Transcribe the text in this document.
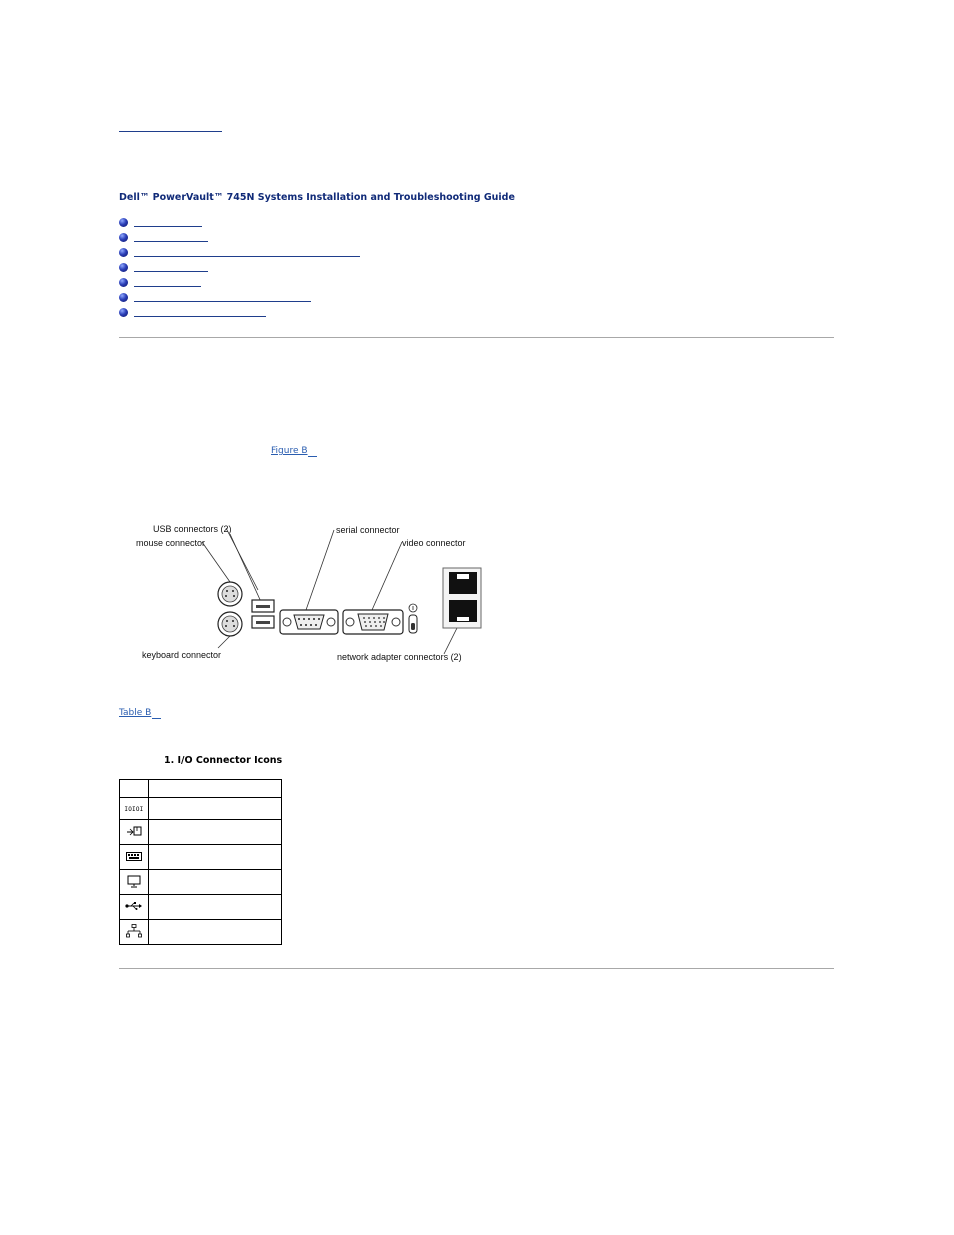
Dell™ PowerVault™ 745N Systems Installation and Troubleshooting Guide
Figure B
USB connectors (2)
mouse connector
serial connector
video connector
keyboard connector	network adapter connectors (2)
Table B
1. I/O Connector Icons

IOIOI	
